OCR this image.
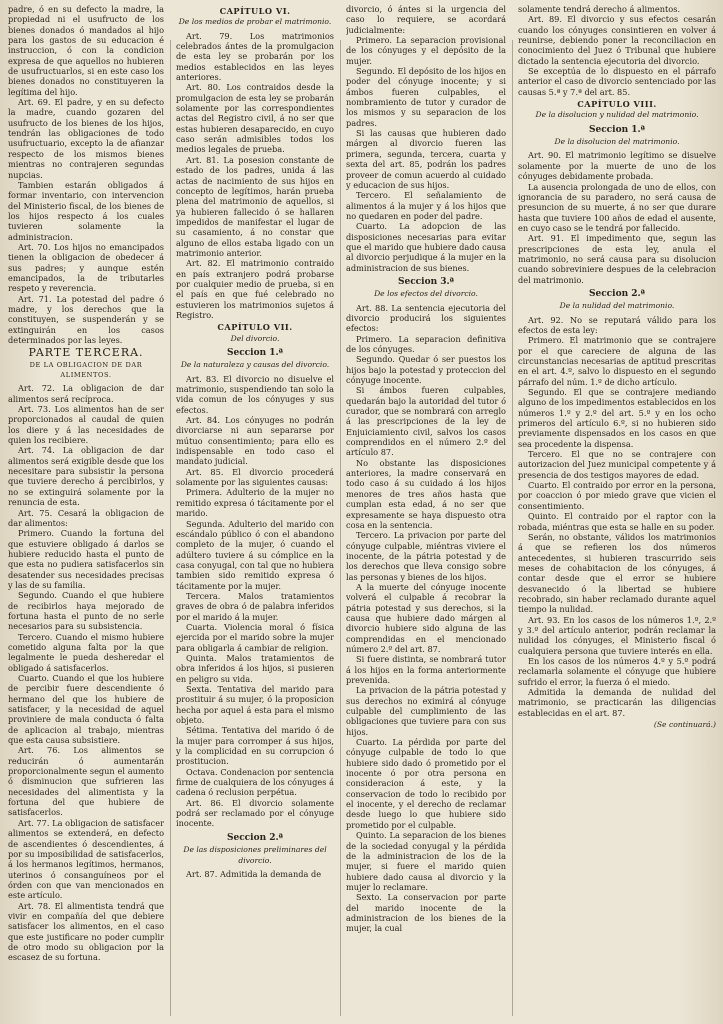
padre, ó en su defecto la madre, la propiedad ni el usufructo de los bienes donados ó mandados al hijo para los gastos de su educacion é instruccion, ó con la condicion expresa de que aquellos no hubieren de usufructuarlos, si en este caso los bienes donados no constituyeren la legítima del hijo.

Art. 69. El padre, y en su defecto la madre, cuando gozaren del usufructo de los bienes de los hijos, tendrán las obligaciones de todo usufructuario, excepto la de afianzar respecto de los mismos bienes mientras no contrajeren segundas nupcias.

Tambien estarán obligados á formar inventario, con intervencion del Ministerio fiscal, de los bienes de los hijos respecto á los cuales tuvieren solamente la administracion.

Art. 70. Los hijos no emancipados tienen la obligacion de obedecer á sus padres; y aunque estén emancipados, la de tributarles respeto y reverencia.

Art. 71. La potestad del padre ó madre, y los derechos que la constituyen, se suspenderán y se extinguirán en los casos determinados por las leyes.

PARTE TERCERA.
DE LA OBLIGACION DE DAR ALIMENTOS.

Art. 72. La obligacion de dar alimentos será recíproca.

Art. 73. Los alimentos han de ser proporcionados al caudal de quien los diere y á las necesidades de quien los recibiere.

Art. 74. La obligacion de dar alimentos será exigible desde que los necesitare para subsistir la persona que tuviere derecho á percibirlos, y no se extinguirá solamente por la renuncia de esta.

Art. 75. Cesará la obligacion de dar alimentos:

Primero. Cuando la fortuna del que estuviere obligado á darlos se hubiere reducido hasta el punto de que esta no pudiera satisfacerlos sin desatender sus necesidades precisas y las de su familia.

Segundo. Cuando el que hubiere de recibirlos haya mejorado de fortuna hasta el punto de no serle necesarios para su subsistencia.

Tercero. Cuando el mismo hubiere cometido alguna falta por la que legalmente le pueda desheredar el obligado á satisfacerlos.

Cuarto. Cuando el que los hubiere de percibir fuere descendiente ó hermano del que los hubiere de satisfacer, y la necesidad de aquel proviniere de mala conducta ó falta de aplicacion al trabajo, mientras que esta causa subsistiere.

Art. 76. Los alimentos se reducirán ó aumentarán proporcionalmente segun el aumento ó disminucion que sufrieren las necesidades del alimentista y la fortuna del que hubiere de satisfacerlos.

Art. 77. La obligacion de satisfacer alimentos se extenderá, en defecto de ascendientes ó descendientes, á por su imposibilidad de satisfacerlos, á los hermanos legítimos, hermanos, uterinos ó consanguíneos por el órden con que van mencionados en este artículo.

Art. 78. El alimentista tendrá que vivir en compañía del que debiere satisfacer los alimentos, en el caso que este justificare no poder cumplir de otro modo su obligacion por la escasez de su fortuna.

CAPÍTULO VI.
De los medios de probar el matrimonio.

Art. 79. Los matrimonios celebrados ántes de la promulgacion de esta ley se probarán por los medios establecidos en las leyes anteriores.

Art. 80. Los contraidos desde la promulgacion de esta ley se probarán solamente por las correspondientes actas del Registro civil, á no ser que estas hubieren desaparecido, en cuyo caso serán admisibles todos los medios legales de prueba.

Art. 81. La posesion constante de estado de los padres, unida á las actas de nacimiento de sus hijos en concepto de legítimos, harán prueba plena del matrimonio de aquellos, si ya hubieren fallecido ó se hallaren impedidos de manifestar el lugar de su casamiento, á no constar que alguno de ellos estaba ligado con un matrimonio anterior.

Art. 82. El matrimonio contraido en país extranjero podrá probarse por cualquier medio de prueba, si en el país en que fué celebrado no estuvieren los matrimonios sujetos á Registro.

CAPÍTULO VII.
Del divorcio.
Seccion 1.ª
De la naturaleza y causas del divorcio.

Art. 83. El divorcio no disuelve el matrimonio, suspendiendo tan solo la vida comun de los cónyuges y sus efectos.

Art. 84. Los cónyuges no podrán divorciarse ni aun separarse por mútuo consentimiento; para ello es indispensable en todo caso el mandato judicial.

Art. 85. El divorcio procederá solamente por las siguientes causas:

Primera. Adulterio de la mujer no remitido expresa ó tácitamente por el marido.

Segunda. Adulterio del marido con escándalo público ó con el abandono completo de la mujer, ó cuando el adúltero tuviere á su cómplice en la casa conyugal, con tal que no hubiera tambien sido remitido expresa ó tácitamente por la mujer.

Tercera. Malos tratamientos graves de obra ó de palabra inferidos por el marido á la mujer.

Cuarta. Violencia moral ó física ejercida por el marido sobre la mujer para obligarla á cambiar de religion.

Quinta. Malos tratamientos de obra inferidos á los hijos, si pusieren en peligro su vida.

Sexta. Tentativa del marido para prostituir á su mujer, ó la proposicion hecha por aquel á esta para el mismo objeto.

Sétima. Tentativa del marido ó de la mujer para corromper á sus hijos, y la complicidad en su corrupcion ó prostitucion.

Octava. Condenacion por sentencia firme de cualquiera de los cónyuges á cadena ó reclusion perpétua.

Art. 86. El divorcio solamente podrá ser reclamado por el cónyuge inocente.

Seccion 2.ª
De las disposiciones preliminares del divorcio.

Art. 87. Admitida la demanda de

divorcio, ó ántes si la urgencia del caso lo requiere, se acordará judicialmente:

Primero. La separacion provisional de los cónyuges y el depósito de la mujer.

Segundo. El depósito de los hijos en poder del cónyuge inocente; y si ámbos fueren culpables, el nombramiento de tutor y curador de los mismos y su separacion de los padres.

Si las causas que hubieren dado márgen al divorcio fueren las primera, segunda, tercera, cuarta y sexta del art. 85, podrán los padres proveer de comun acuerdo al cuidado y educacion de sus hijos.

Tercero. El señalamiento de alimentos á la mujer y á los hijos que no quedaren en poder del padre.

Cuarto. La adopcion de las disposiciones necesarias para evitar que el marido que hubiere dado causa al divorcio perjudique á la mujer en la administracion de sus bienes.

Seccion 3.ª
De los efectos del divorcio.

Art. 88. La sentencia ejecutoria del divorcio producirá los siguientes efectos:

Primero. La separacion definitiva de los cónyuges.

Segundo. Quedar ó ser puestos los hijos bajo la potestad y proteccion del cónyuge inocente.

Si ámbos fueren culpables, quedarán bajo la autoridad del tutor ó curador, que se nombrará con arreglo á las prescripciones de la ley de Enjuiciamiento civil, salvos los casos comprendidos en el número 2.º del artículo 87.

No obstante las disposiciones anteriores, la madre conservará en todo caso á su cuidado á los hijos menores de tres años hasta que cumplan esta edad, á no ser que expresamente se haya dispuesto otra cosa en la sentencia.

Tercero. La privacion por parte del cónyuge culpable, miéntras viviere el inocente, de la pátria potestad y de los derechos que lleva consigo sobre las personas y bienes de los hijos.

A la muerte del cónyuge inocente volverá el culpable á recobrar la pátria potestad y sus derechos, si la causa que hubiere dado márgen al divorcio hubiere sido alguna de las comprendidas en el mencionado número 2.º del art. 87.

Si fuere distinta, se nombrará tutor á los hijos en la forma anteriormente prevenida.

La privacion de la pátria potestad y sus derechos no eximirá al cónyuge culpable del cumplimiento de las obligaciones que tuviere para con sus hijos.

Cuarto. La pérdida por parte del cónyuge culpable de todo lo que hubiere sido dado ó prometido por el inocente ó por otra persona en consideracion á este, y la conservacion de todo lo recibido por el inocente, y el derecho de reclamar desde luego lo que hubiere sido prometido por el culpable.

Quinto. La separacion de los bienes de la sociedad conyugal y la pérdida de la administracion de los de la mujer, si fuere el marido quien hubiere dado causa al divorcio y la mujer lo reclamare.

Sexto. La conservacion por parte del marido inocente de la administracion de los bienes de la mujer, la cual

solamente tendrá derecho á alimentos.

Art. 89. El divorcio y sus efectos cesarán cuando los cónyuges consintieren en volver á reunirse, debiendo poner la reconciliacion en conocimiento del Juez ó Tribunal que hubiere dictado la sentencia ejecutoria del divorcio.

Se exceptúa de lo dispuesto en el párrafo anterior el caso de divorcio sentenciado por las causas 5.ª y 7.ª del art. 85.

CAPÍTULO VIII.
De la disolucion y nulidad del matrimonio.
Seccion 1.ª
De la disolucion del matrimonio.

Art. 90. El matrimonio legítimo se disuelve solamente por la muerte de uno de los cónyuges debidamente probada.

La ausencia prolongada de uno de ellos, con ignorancia de su paradero, no será causa de presuncion de su muerte, á no ser que durare hasta que tuviere 100 años de edad el ausente, en cuyo caso se le tendrá por fallecido.

Art. 91. El impedimento que, segun las prescripciones de esta ley, anula el matrimonio, no será causa para su disolucion cuando sobreviniere despues de la celebracion del matrimonio.

Seccion 2.ª
De la nulidad del matrimonio.

Art. 92. No se reputará válido para los efectos de esta ley:

Primero. El matrimonio que se contrajere por el que careciere de alguna de las circunstancias necesarias de aptitud prescritas en el art. 4.º, salvo lo dispuesto en el segundo párrafo del núm. 1.º de dicho artículo.

Segundo. El que se contrajere mediando alguno de los impedimentos establecidos en los números 1.º y 2.º del art. 5.º y en los ocho primeros del artículo 6.º, si no hubieren sido previamente dispensados en los casos en que sea procedente la dispensa.

Tercero. El que no se contrajere con autorizacion del Juez municipal competente y á presencia de dos testigos mayores de edad.

Cuarto. El contraido por error en la persona, por coaccion ó por miedo grave que vicien el consentimiento.

Quinto. El contraido por el raptor con la robada, miéntras que esta se halle en su poder.

Serán, no obstante, válidos los matrimonios á que se refieren los dos números antecedentes, si hubieren trascurrido seis meses de cohabitacion de los cónyuges, á contar desde que el error se hubiere desvanecido ó la libertad se hubiere recobrado, sin haber reclamado durante aquel tiempo la nulidad.

Art. 93. En los casos de los números 1.º, 2.º y 3.º del artículo anterior, podrán reclamar la nulidad los cónyuges, el Ministerio fiscal ó cualquiera persona que tuviere interés en ella.

En los casos de los números 4.º y 5.º podrá reclamarla solamente el cónyuge que hubiere sufrido el error, la fuerza ó el miedo.

Admitida la demanda de nulidad del matrimonio, se practicarán las diligencias establecidas en el art. 87.

(Se continuará.)
